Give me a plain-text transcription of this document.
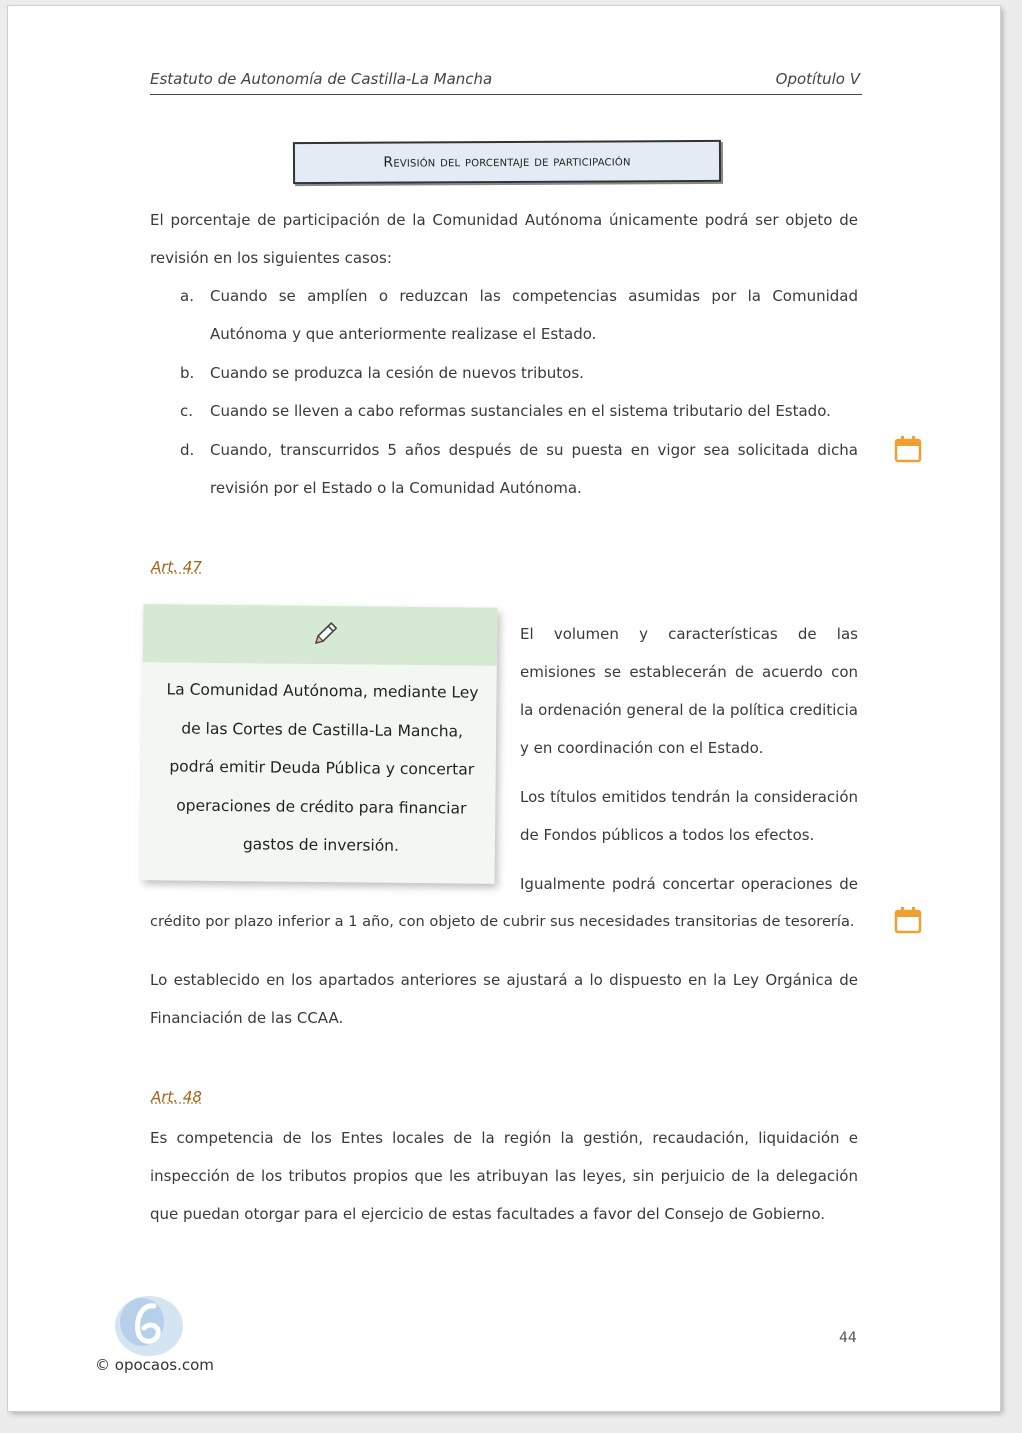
Estatuto de Autonomía de Castilla-La Mancha	Opotítulo V
Revisión del porcentaje de participación

El porcentaje de participación de la Comunidad Autónoma únicamente podrá ser objeto de revisión en los siguientes casos:

a. Cuando se amplíen o reduzcan las competencias asumidas por la Comunidad Autónoma y que anteriormente realizase el Estado.
b. Cuando se produzca la cesión de nuevos tributos.
c. Cuando se lleven a cabo reformas sustanciales en el sistema tributario del Estado.
d. Cuando, transcurridos 5 años después de su puesta en vigor sea solicitada dicha revisión por el Estado o la Comunidad Autónoma.
Art. 47
La Comunidad Autónoma, mediante Ley de las Cortes de Castilla-La Mancha, podrá emitir Deuda Pública y concertar operaciones de crédito para financiar gastos de inversión.

El volumen y características de las emisiones se establecerán de acuerdo con la ordenación general de la política crediticia y en coordinación con el Estado.

Los títulos emitidos tendrán la consideración de Fondos públicos a todos los efectos.

Igualmente podrá concertar operaciones de

crédito por plazo inferior a 1 año, con objeto de cubrir sus necesidades transitorias de tesorería.

Lo establecido en los apartados anteriores se ajustará a lo dispuesto en la Ley Orgánica de Financiación de las CCAA.

Art. 48

Es competencia de los Entes locales de la región la gestión, recaudación, liquidación e inspección de los tributos propios que les atribuyan las leyes, sin perjuicio de la delegación que puedan otorgar para el ejercicio de estas facultades a favor del Consejo de Gobierno.

© opocaos.com
44
